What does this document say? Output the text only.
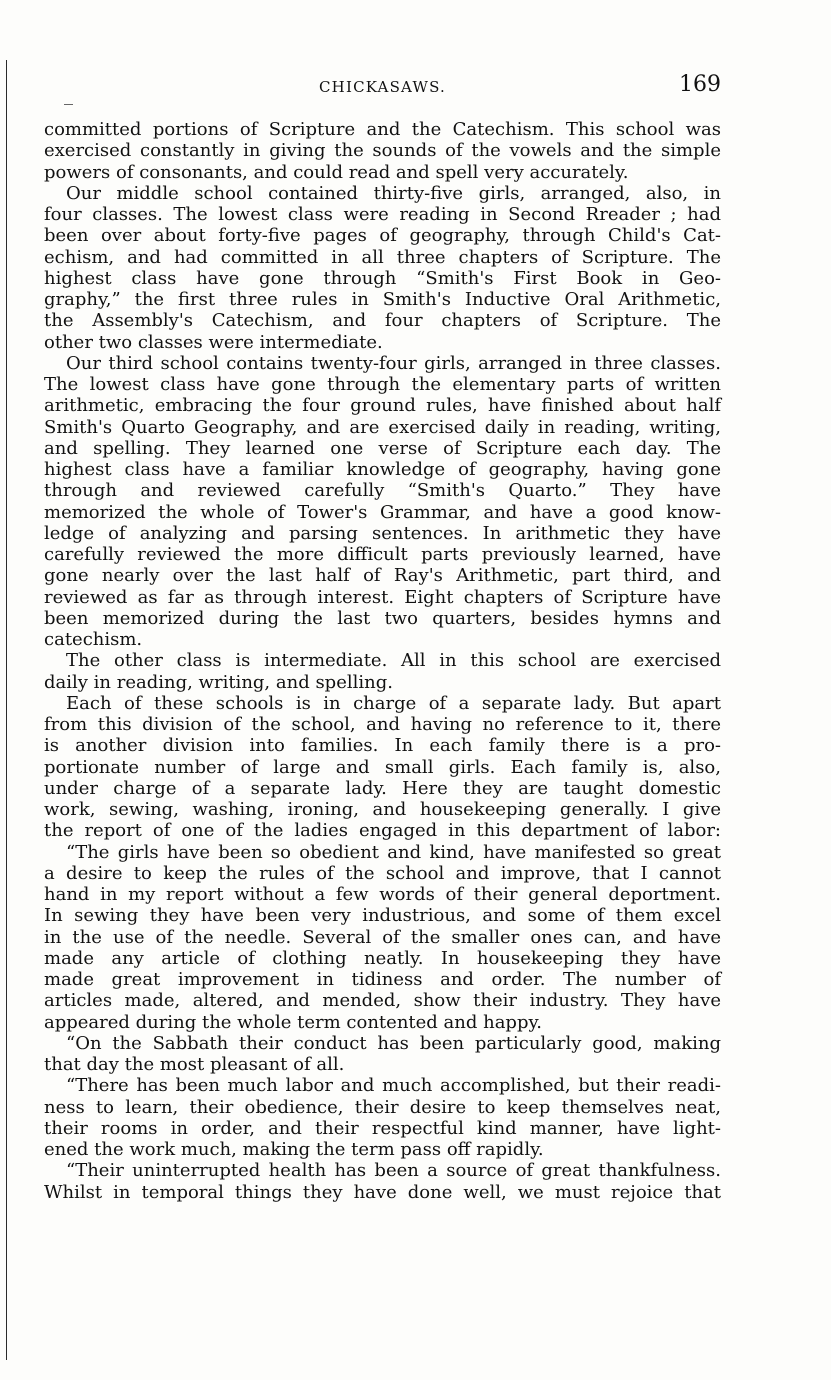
CHICKASAWS.	169
committed portions of Scripture and the Catechism. This school was
exercised constantly in giving the sounds of the vowels and the simple
powers of consonants, and could read and spell very accurately.
Our middle school contained thirty-five girls, arranged, also, in
four classes. The lowest class were reading in Second Rreader ; had
been over about forty-five pages of geography, through Child's Cat-
echism, and had committed in all three chapters of Scripture. The
highest class have gone through “Smith's First Book in Geo-
graphy,” the first three rules in Smith's Inductive Oral Arithmetic,
the Assembly's Catechism, and four chapters of Scripture. The
other two classes were intermediate.
Our third school contains twenty-four girls, arranged in three classes.
The lowest class have gone through the elementary parts of written
arithmetic, embracing the four ground rules, have finished about half
Smith's Quarto Geography, and are exercised daily in reading, writing,
and spelling. They learned one verse of Scripture each day. The
highest class have a familiar knowledge of geography, having gone
through and reviewed carefully “Smith's Quarto.” They have
memorized the whole of Tower's Grammar, and have a good know-
ledge of analyzing and parsing sentences. In arithmetic they have
carefully reviewed the more difficult parts previously learned, have
gone nearly over the last half of Ray's Arithmetic, part third, and
reviewed as far as through interest. Eight chapters of Scripture have
been memorized during the last two quarters, besides hymns and
catechism.
The other class is intermediate. All in this school are exercised
daily in reading, writing, and spelling.
Each of these schools is in charge of a separate lady. But apart
from this division of the school, and having no reference to it, there
is another division into families. In each family there is a pro-
portionate number of large and small girls. Each family is, also,
under charge of a separate lady. Here they are taught domestic
work, sewing, washing, ironing, and housekeeping generally. I give
the report of one of the ladies engaged in this department of labor:
“The girls have been so obedient and kind, have manifested so great
a desire to keep the rules of the school and improve, that I cannot
hand in my report without a few words of their general deportment.
In sewing they have been very industrious, and some of them excel
in the use of the needle. Several of the smaller ones can, and have
made any article of clothing neatly. In housekeeping they have
made great improvement in tidiness and order. The number of
articles made, altered, and mended, show their industry. They have
appeared during the whole term contented and happy.
“On the Sabbath their conduct has been particularly good, making
that day the most pleasant of all.
“There has been much labor and much accomplished, but their readi-
ness to learn, their obedience, their desire to keep themselves neat,
their rooms in order, and their respectful kind manner, have light-
ened the work much, making the term pass off rapidly.
“Their uninterrupted health has been a source of great thankfulness.
Whilst in temporal things they have done well, we must rejoice that
